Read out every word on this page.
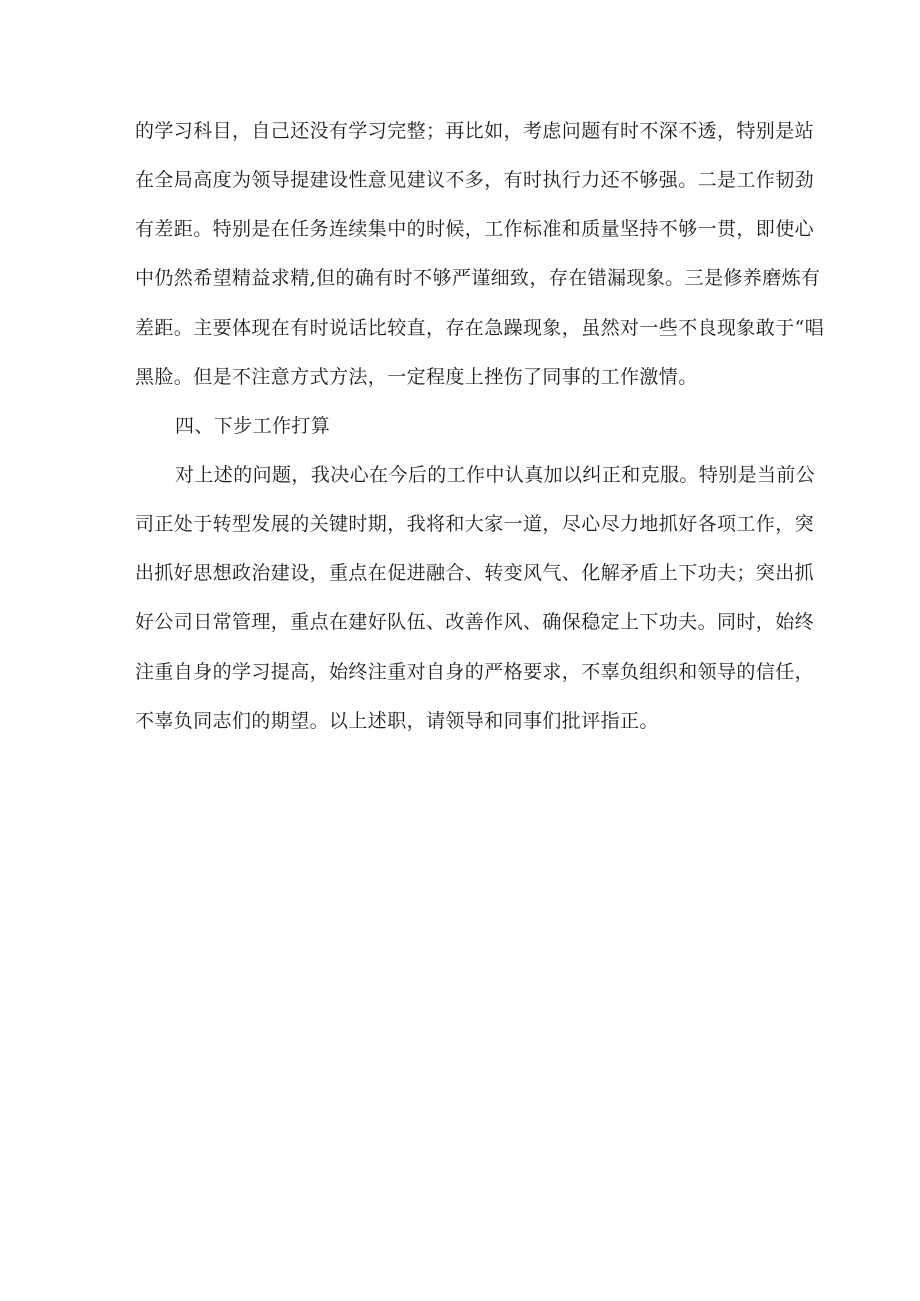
的学习科目，自己还没有学习完整；再比如，考虑问题有时不深不透，特别是站
在全局高度为领导提建设性意见建议不多，有时执行力还不够强。二是工作韧劲
有差距。特别是在任务连续集中的时候，工作标准和质量坚持不够一贯，即使心
中仍然希望精益求精,但的确有时不够严谨细致，存在错漏现象。三是修养磨炼有
差距。主要体现在有时说话比较直，存在急躁现象，虽然对一些不良现象敢于“唱
黑脸。但是不注意方式方法，一定程度上挫伤了同事的工作激情。
四、下步工作打算
对上述的问题，我决心在今后的工作中认真加以纠正和克服。特别是当前公
司正处于转型发展的关键时期，我将和大家一道，尽心尽力地抓好各项工作，突
出抓好思想政治建设，重点在促进融合、转变风气、化解矛盾上下功夫；突出抓
好公司日常管理，重点在建好队伍、改善作风、确保稳定上下功夫。同时，始终
注重自身的学习提高，始终注重对自身的严格要求，不辜负组织和领导的信任，
不辜负同志们的期望。以上述职，请领导和同事们批评指正。
